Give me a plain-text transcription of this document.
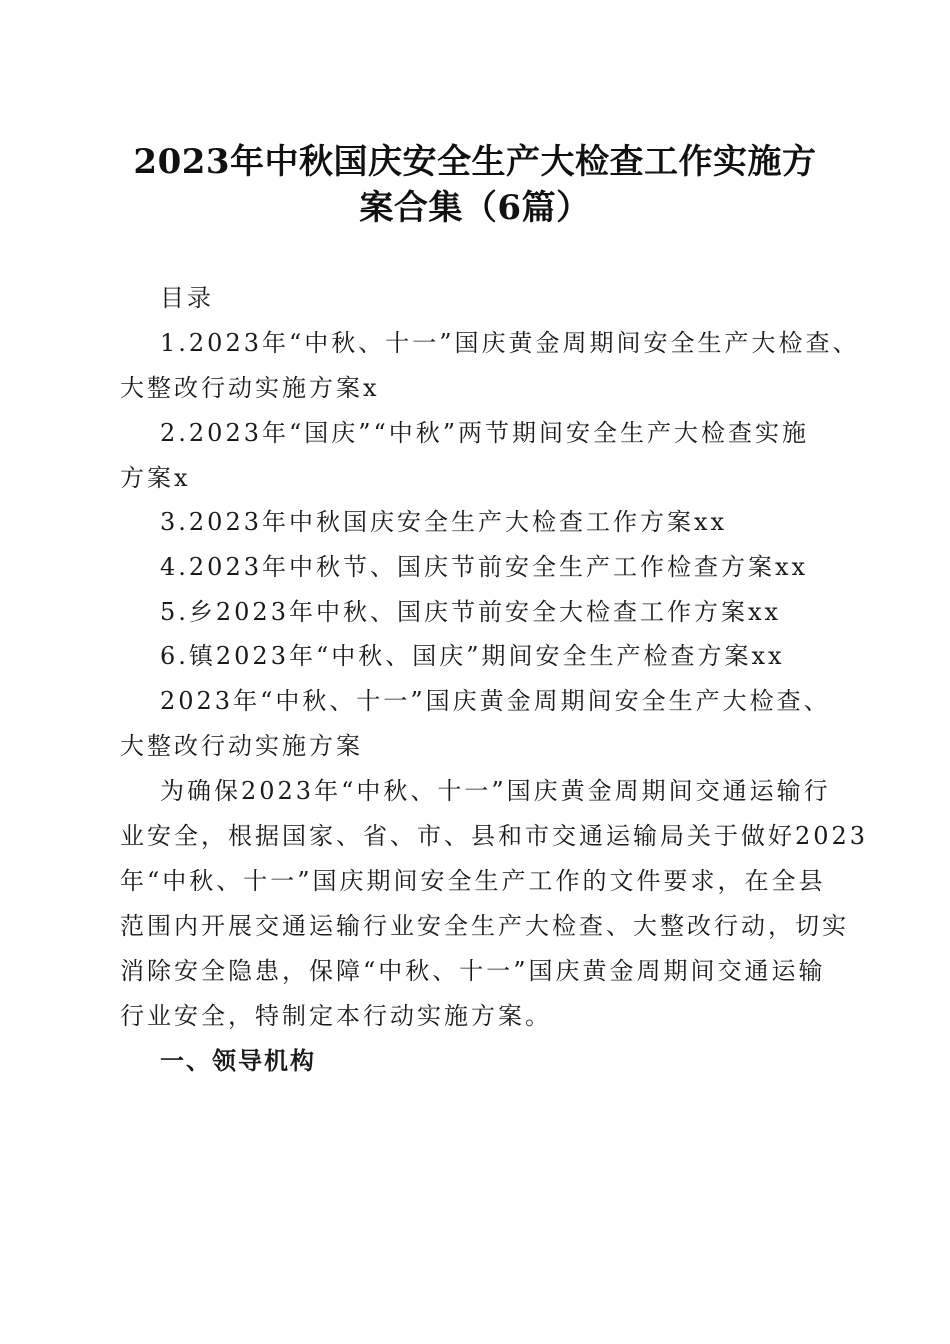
2023年中秋国庆安全生产大检查工作实施方
案合集（6篇）
目录
1.2023年“中秋、十一”国庆黄金周期间安全生产大检查、
大整改行动实施方案x
2.2023年“国庆”“中秋”两节期间安全生产大检查实施
方案x
3.2023年中秋国庆安全生产大检查工作方案xx
4.2023年中秋节、国庆节前安全生产工作检查方案xx
5.乡2023年中秋、国庆节前安全大检查工作方案xx
6.镇2023年“中秋、国庆”期间安全生产检查方案xx
2023年“中秋、十一”国庆黄金周期间安全生产大检查、
大整改行动实施方案
为确保2023年“中秋、十一”国庆黄金周期间交通运输行
业安全，根据国家、省、市、县和市交通运输局关于做好2023
年“中秋、十一”国庆期间安全生产工作的文件要求，在全县
范围内开展交通运输行业安全生产大检查、大整改行动，切实
消除安全隐患，保障“中秋、十一”国庆黄金周期间交通运输
行业安全，特制定本行动实施方案。
一、领导机构
